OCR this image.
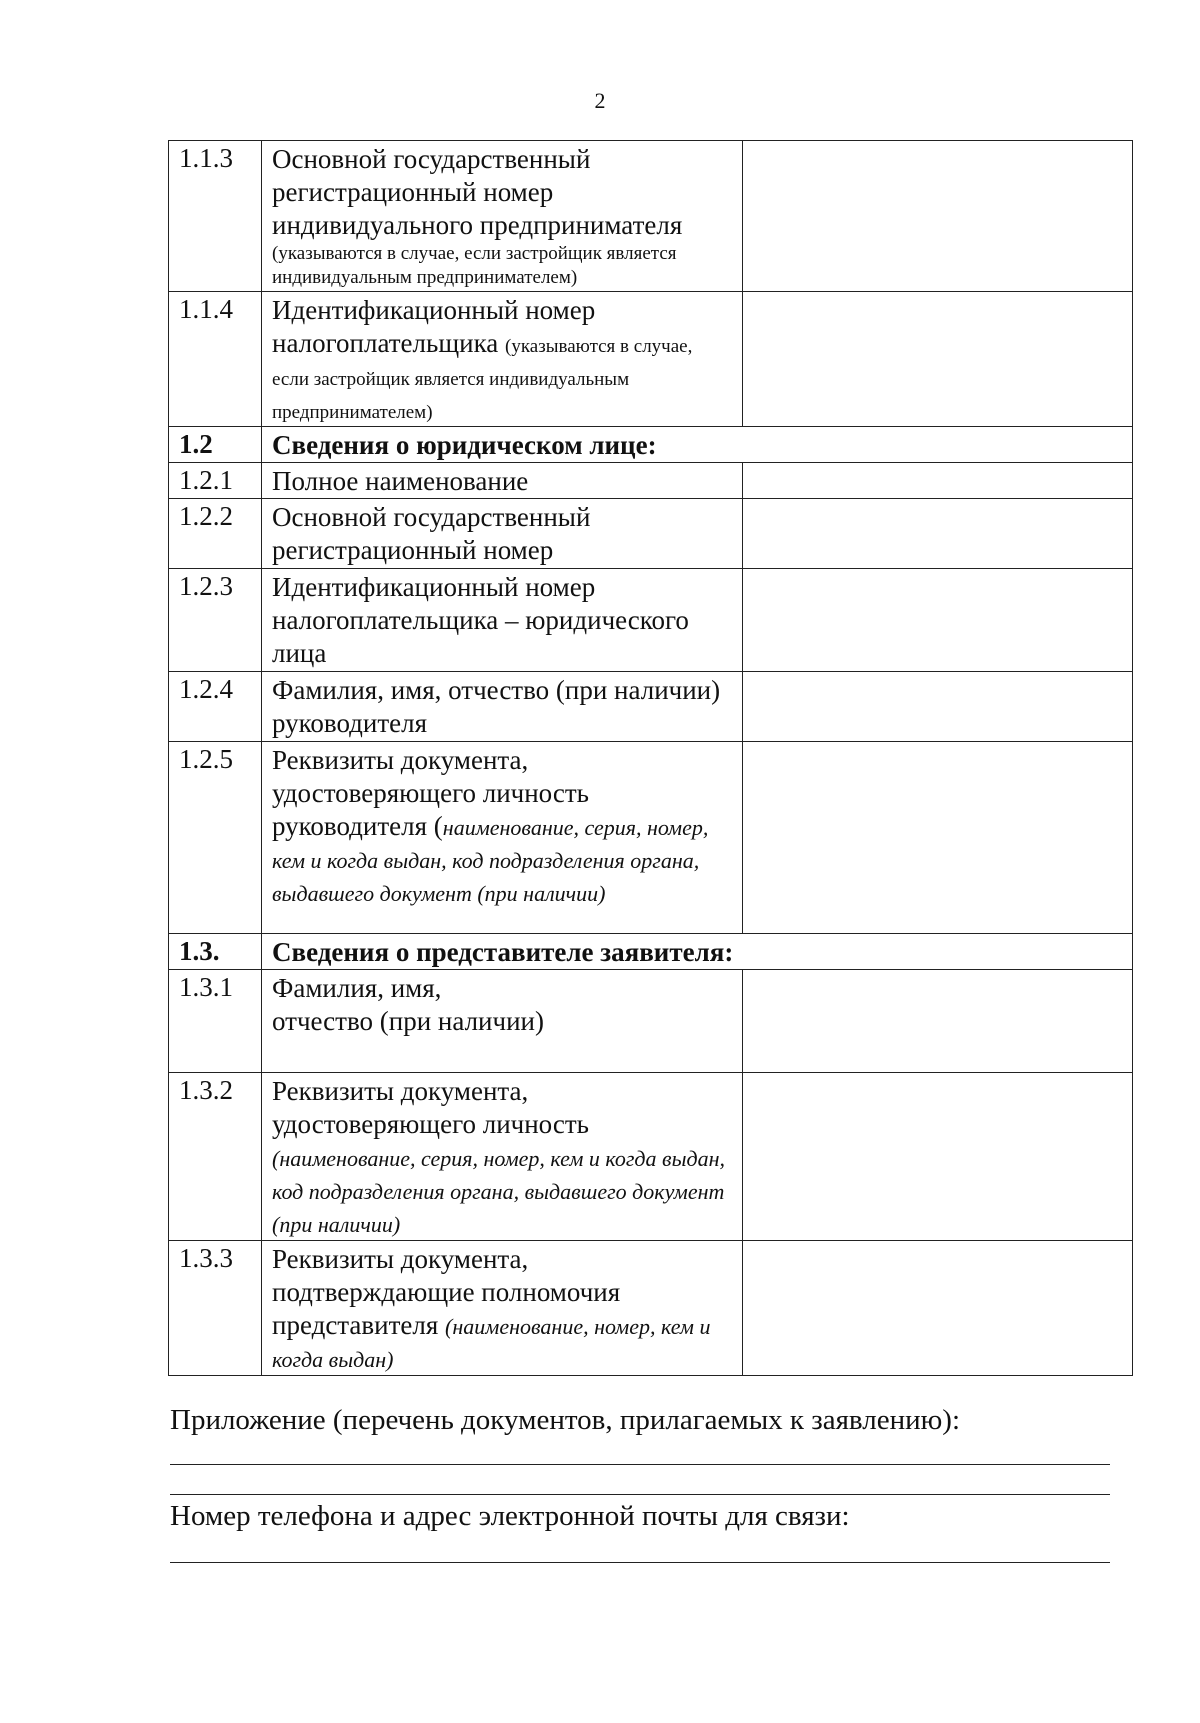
2
1.1.3	Основной государственный регистрационный номер индивидуального предпринимателя
(указываются в случае, если застройщик является индивидуальным предпринимателем)	

1.1.4	Идентификационный номер
налогоплательщика (указываются в случае, если застройщик является индивидуальным предпринимателем)	
1.2	Сведения о юридическом лице:	
1.2.1	Полное наименование	
1.2.2	Основной государственный регистрационный номер	
1.2.3	Идентификационный номер налогоплательщика – юридического лица	
1.2.4	Фамилия, имя, отчество (при наличии) руководителя	
1.2.5	Реквизиты документа, удостоверяющего личность руководителя (наименование, серия, номер, кем и когда выдан, код подразделения органа, выдавшего документ (при наличии)	
1.3.	Сведения о представителе заявителя:	
1.3.1	Фамилия, имя,
отчество (при наличии)	
1.3.2	Реквизиты документа, удостоверяющего личность (наименование, серия, номер, кем и когда выдан, код подразделения органа, выдавшего документ (при наличии)	
1.3.3	Реквизиты документа, подтверждающие полномочия представителя (наименование, номер, кем и когда выдан)	
Приложение (перечень документов, прилагаемых к заявлению):
Номер телефона и адрес электронной почты для связи:
